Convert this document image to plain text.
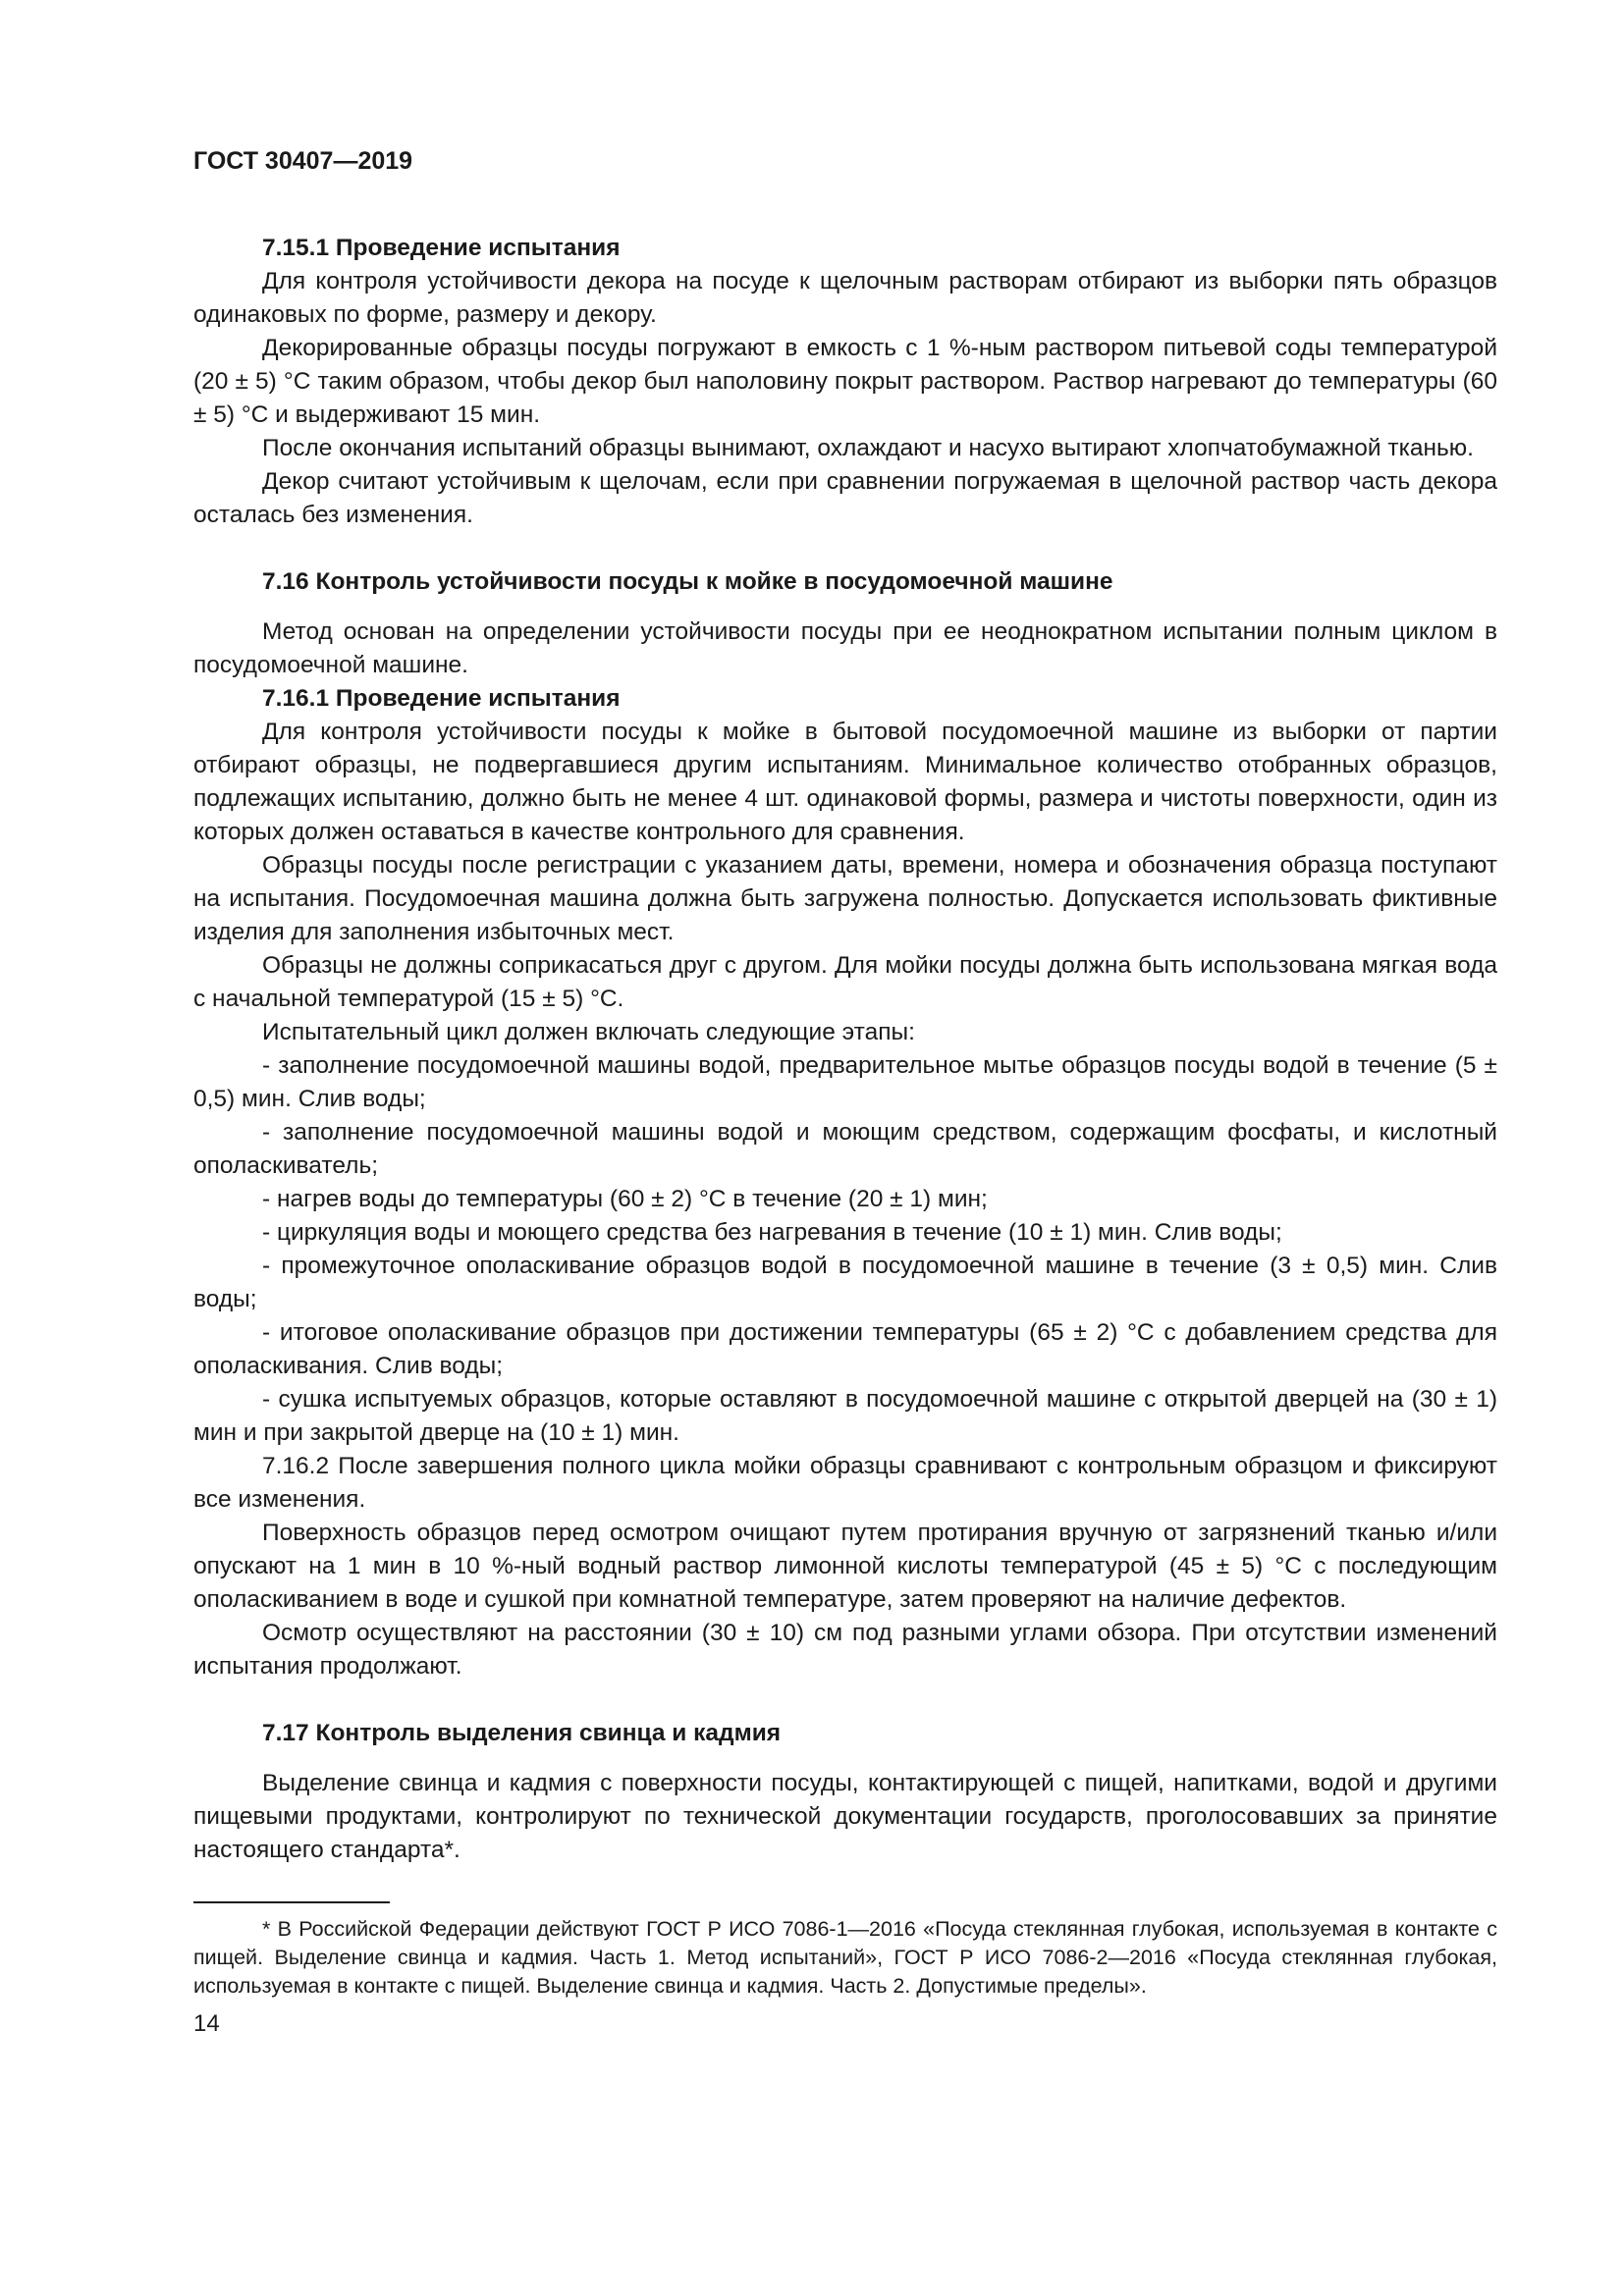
ГОСТ 30407—2019

7.15.1 Проведение испытания

Для контроля устойчивости декора на посуде к щелочным растворам отбирают из выборки пять образцов одинаковых по форме, размеру и декору.

Декорированные образцы посуды погружают в емкость с 1 %-ным раствором питьевой соды температурой (20 ± 5) °С таким образом, чтобы декор был наполовину покрыт раствором. Раствор нагревают до температуры (60 ± 5) °С и выдерживают 15 мин.

После окончания испытаний образцы вынимают, охлаждают и насухо вытирают хлопчатобумажной тканью.

Декор считают устойчивым к щелочам, если при сравнении погружаемая в щелочной раствор часть декора осталась без изменения.

7.16 Контроль устойчивости посуды к мойке в посудомоечной машине

Метод основан на определении устойчивости посуды при ее неоднократном испытании полным циклом в посудомоечной машине.

7.16.1 Проведение испытания

Для контроля устойчивости посуды к мойке в бытовой посудомоечной машине из выборки от партии отбирают образцы, не подвергавшиеся другим испытаниям. Минимальное количество отобранных образцов, подлежащих испытанию, должно быть не менее 4 шт. одинаковой формы, размера и чистоты поверхности, один из которых должен оставаться в качестве контрольного для сравнения.

Образцы посуды после регистрации с указанием даты, времени, номера и обозначения образца поступают на испытания. Посудомоечная машина должна быть загружена полностью. Допускается использовать фиктивные изделия для заполнения избыточных мест.

Образцы не должны соприкасаться друг с другом. Для мойки посуды должна быть использована мягкая вода с начальной температурой (15 ± 5) °С.

Испытательный цикл должен включать следующие этапы:

- заполнение посудомоечной машины водой, предварительное мытье образцов посуды водой в течение (5 ± 0,5) мин. Слив воды;

- заполнение посудомоечной машины водой и моющим средством, содержащим фосфаты, и кислотный ополаскиватель;

- нагрев воды до температуры (60 ± 2) °С в течение (20 ± 1) мин;

- циркуляция воды и моющего средства без нагревания в течение (10 ± 1) мин. Слив воды;

- промежуточное ополаскивание образцов водой в посудомоечной машине в течение (3 ± 0,5) мин. Слив воды;

- итоговое ополаскивание образцов при достижении температуры (65 ± 2) °С с добавлением средства для ополаскивания. Слив воды;

- сушка испытуемых образцов, которые оставляют в посудомоечной машине с открытой дверцей на (30 ± 1) мин и при закрытой дверце на (10 ± 1) мин.

7.16.2 После завершения полного цикла мойки образцы сравнивают с контрольным образцом и фиксируют все изменения.

Поверхность образцов перед осмотром очищают путем протирания вручную от загрязнений тканью и/или опускают на 1 мин в 10 %-ный водный раствор лимонной кислоты температурой (45 ± 5) °С с последующим ополаскиванием в воде и сушкой при комнатной температуре, затем проверяют на наличие дефектов.

Осмотр осуществляют на расстоянии (30 ± 10) см под разными углами обзора. При отсутствии изменений испытания продолжают.

7.17 Контроль выделения свинца и кадмия

Выделение свинца и кадмия с поверхности посуды, контактирующей с пищей, напитками, водой и другими пищевыми продуктами, контролируют по технической документации государств, проголосовавших за принятие настоящего стандарта*.

* В Российской Федерации действуют ГОСТ Р ИСО 7086-1—2016 «Посуда стеклянная глубокая, используемая в контакте с пищей. Выделение свинца и кадмия. Часть 1. Метод испытаний», ГОСТ Р ИСО 7086-2—2016 «Посуда стеклянная глубокая, используемая в контакте с пищей. Выделение свинца и кадмия. Часть 2. Допустимые пределы».

14
